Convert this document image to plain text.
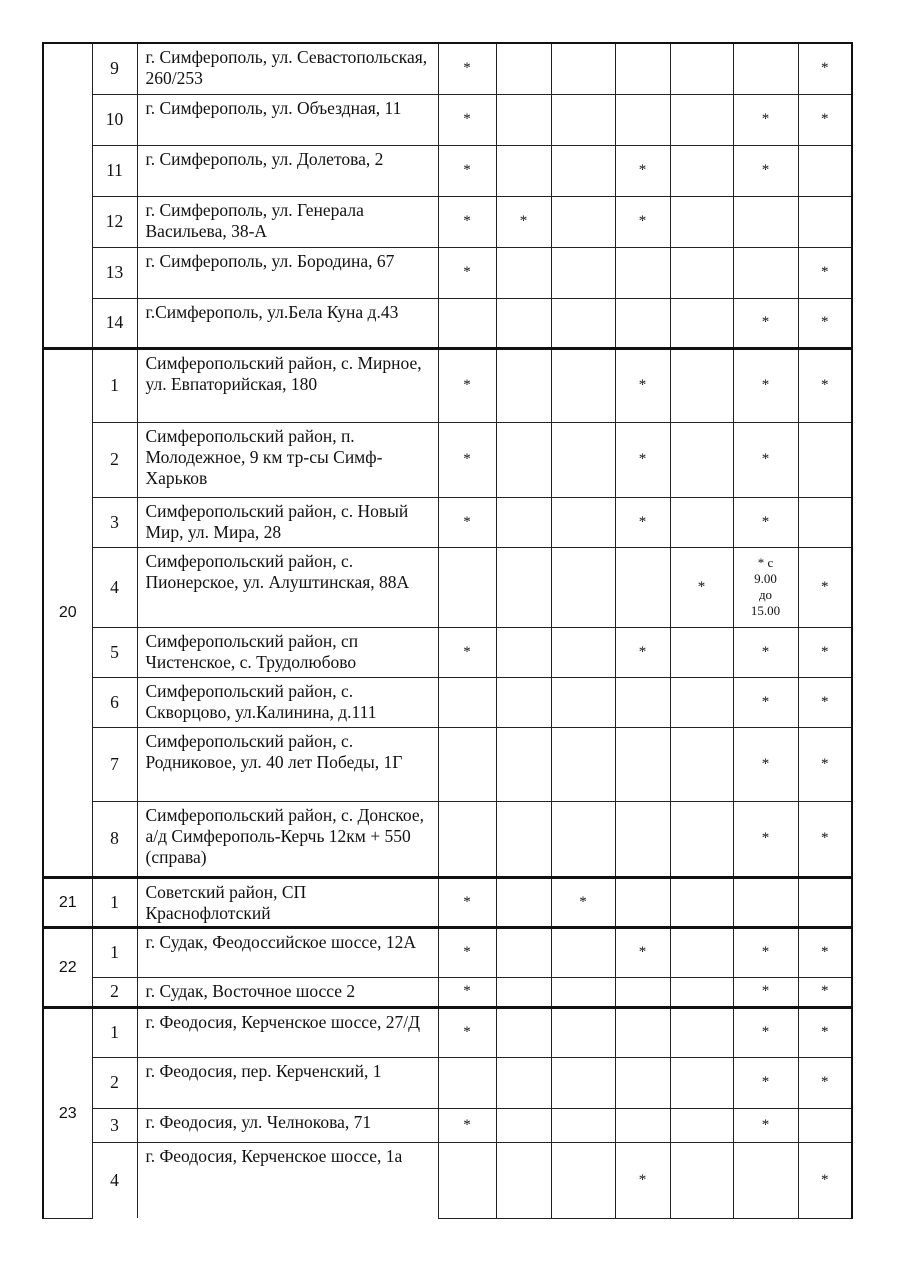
	9	г. Симферополь, ул. Севастопольская, 260/253	*						*
	10	г. Симферополь, ул. Объездная, 11	*					*	*
	11	г. Симферополь, ул. Долетова, 2	*			*		*	
	12	г. Симферополь, ул. Генерала Васильева, 38-А	*	*		*			
	13	г. Симферополь, ул. Бородина, 67	*						*
	14	г.Симферополь, ул.Бела Куна д.43						*	*
20	1	Симферопольский район, с. Мирное, ул. Евпаторийская, 180	*			*		*	*
	2	Симферопольский район, п. Молодежное, 9 км тр-сы Симф-Харьков	*			*		*	
	3	Симферопольский район, с. Новый Мир, ул. Мира, 28	*			*		*	
	4	Симферопольский район, с. Пионерское, ул. Алуштинская, 88А					*	* с 9.00 до 15.00	*
	5	Симферопольский район, сп Чистенское, с. Трудолюбово	*			*		*	*
	6	Симферопольский район, с. Скворцово, ул.Калинина, д.111						*	*
	7	Симферопольский район, с. Родниковое, ул. 40 лет Победы, 1Г						*	*
	8	Симферопольский район, с. Донское, а/д Симферополь-Керчь 12км + 550 (справа)						*	*
21	1	Советский район, СП Краснофлотский	*		*				
22	1	г. Судак, Феодоссийское шоссе, 12А	*			*		*	*
	2	г. Судак, Восточное шоссе 2	*					*	*
23	1	г. Феодосия, Керченское шоссе, 27/Д	*					*	*
	2	г. Феодосия, пер. Керченский, 1						*	*
	3	г. Феодосия, ул. Челнокова, 71	*					*	
	4	г. Феодосия, Керченское шоссе, 1а				*			*
